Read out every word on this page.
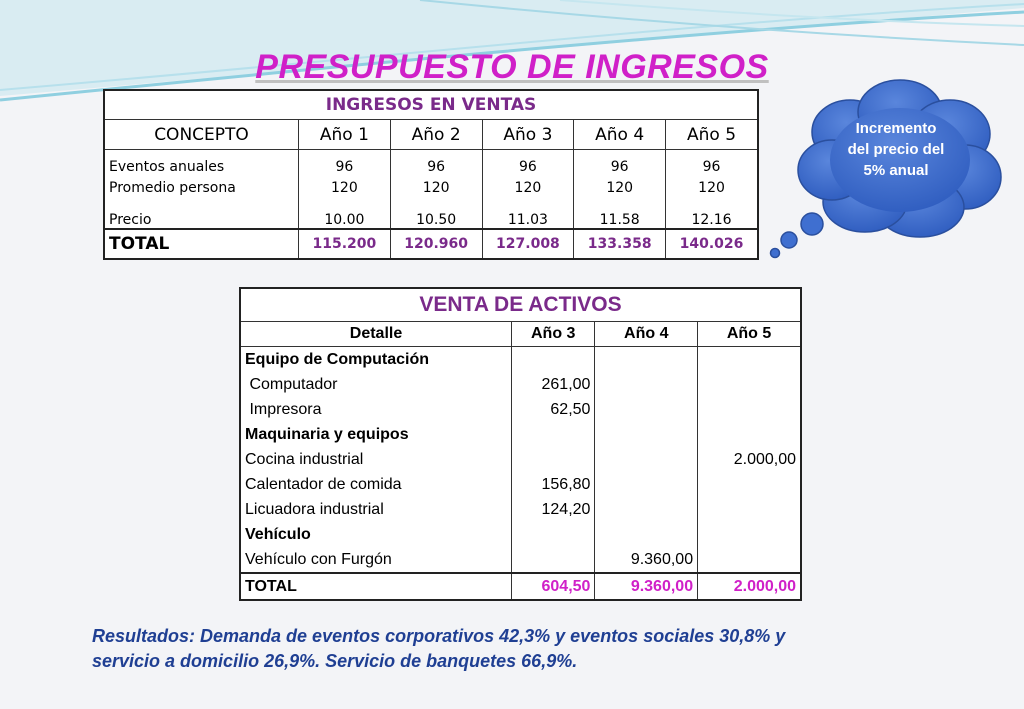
PRESUPUESTO DE INGRESOS
INGRESOS EN VENTAS					
CONCEPTO	Año 1	Año 2	Año 3	Año 4	Año 5
Eventos anuales	96	96	96	96	96
Promedio persona	120	120	120	120	120
Precio	10.00	10.50	11.03	11.58	12.16
TOTAL	115.200	120.960	127.008	133.358	140.026
Incremento
del precio del
5% anual
VENTA DE ACTIVOS			
Detalle	Año 3	Año 4	Año 5
Equipo de Computación			
Computador	261,00		
Impresora	62,50		
Maquinaria y equipos			
Cocina industrial			2.000,00
Calentador de comida	156,80		
Licuadora industrial	124,20		
Vehículo			
Vehículo con Furgón		9.360,00	
TOTAL	604,50	9.360,00	2.000,00
Resultados: Demanda de eventos corporativos 42,3% y eventos sociales 30,8% y
servicio a domicilio 26,9%. Servicio de banquetes 66,9%.
